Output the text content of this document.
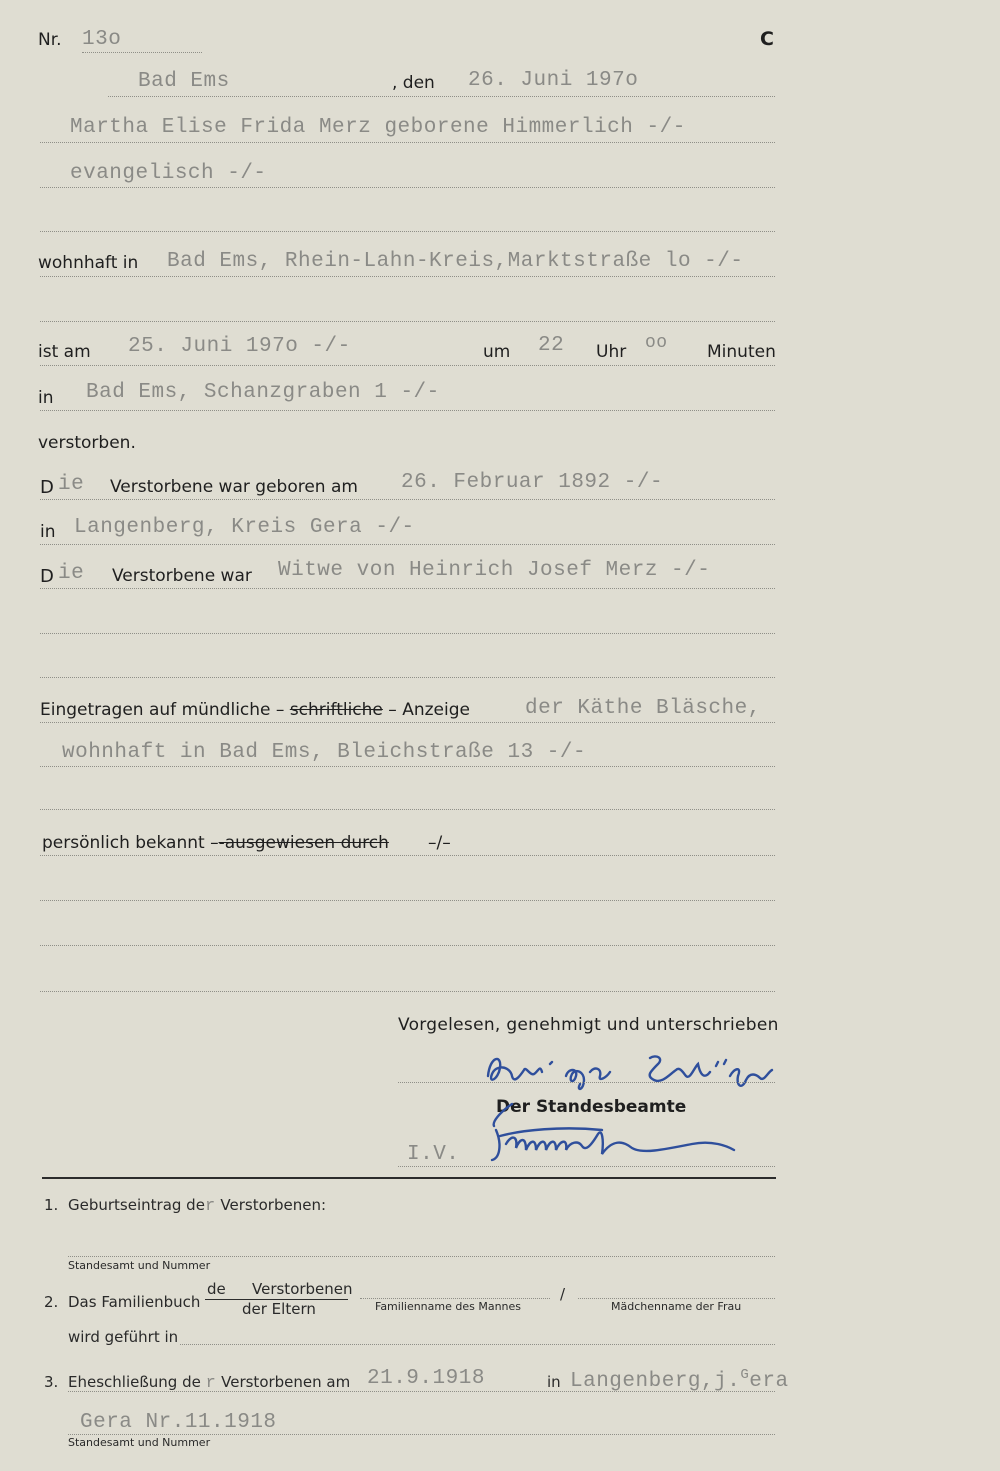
Nr. 13o	C
Bad Ems	, den 26. Juni 197o
Martha Elise Frida Merz geborene Himmerlich -/-
evangelisch -/-
wohnhaft in Bad Ems, Rhein-Lahn-Kreis,Marktstraße lo -/-
ist am 25. Juni 197o -/-	um 22 Uhr oo Minuten
in Bad Ems, Schanzgraben 1 -/-
verstorben.
D ie Verstorbene war geboren am 26. Februar 1892 -/-
in Langenberg, Kreis Gera -/-
D ie Verstorbene war Witwe von Heinrich Josef Merz -/-
Eingetragen auf mündliche – schriftliche – Anzeige	der Käthe Bläsche,
wohnhaft in Bad Ems, Bleichstraße 13 -/-
persönlich bekannt –-ausgewiesen durch –/–
Vorgelesen, genehmigt und unterschrieben
Der Standesbeamte
I.V.
1. Geburtseintrag der Verstorbenen:
Standesamt und Nummer
2. Das Familienbuch
de Verstorbenen
der Eltern	Familienname des Mannes
/
Mädchenname der Frau
wird geführt in
3. Eheschließung de r Verstorbenen am 21.9.1918	in Langenberg,j.$^G$era
Gera Nr.11.1918
Standesamt und Nummer
